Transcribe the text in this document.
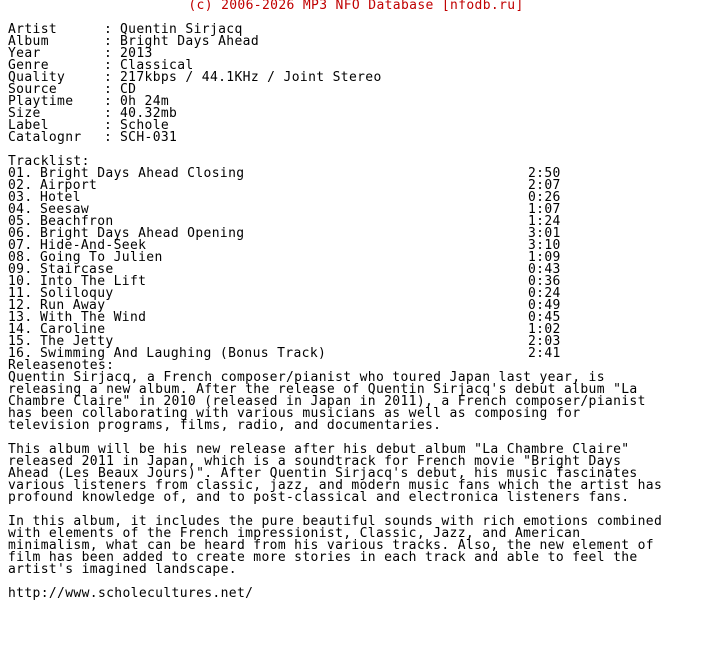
(c) 2006-2026 MP3 NFO Database [nfodb.ru]
Artist	: Quentin Sirjacq
Album	: Bright Days Ahead
Year	: 2013
Genre	: Classical
Quality	: 217kbps / 44.1KHz / Joint Stereo
Source	: CD
Playtime	: 0h 24m
Size	: 40.32mb
Label	: Schole
Catalognr	: SCH-031
Tracklist:
01. Bright Days Ahead Closing	2:50
02. Airport	2:07
03. Hotel	0:26
04. Seesaw	1:07
05. Beachfron	1:24
06. Bright Days Ahead Opening	3:01
07. Hide-And-Seek	3:10
08. Going To Julien	1:09
09. Staircase	0:43
10. Into The Lift	0:36
11. Soliloquy	0:24
12. Run Away	0:49
13. With The Wind	0:45
14. Caroline	1:02
15. The Jetty	2:03
16. Swimming And Laughing (Bonus Track)	2:41
Releasenotes:
Quentin Sirjacq, a French composer/pianist who toured Japan last year, is
releasing a new album. After the release of Quentin Sirjacq's debut album "La
Chambre Claire" in 2010 (released in Japan in 2011), a French composer/pianist
has been collaborating with various musicians as well as composing for
television programs, films, radio, and documentaries.
This album will be his new release after his debut album "La Chambre Claire"
released 2011 in Japan, which is a soundtrack for French movie "Bright Days
Ahead (Les Beaux Jours)". After Quentin Sirjacq's debut, his music fascinates
various listeners from classic, jazz, and modern music fans which the artist has
profound knowledge of, and to post-classical and electronica listeners fans.
In this album, it includes the pure beautiful sounds with rich emotions combined
with elements of the French impressionist, Classic, Jazz, and American
minimalism, what can be heard from his various tracks. Also, the new element of
film has been added to create more stories in each track and able to feel the
artist's imagined landscape.
http://www.scholecultures.net/
